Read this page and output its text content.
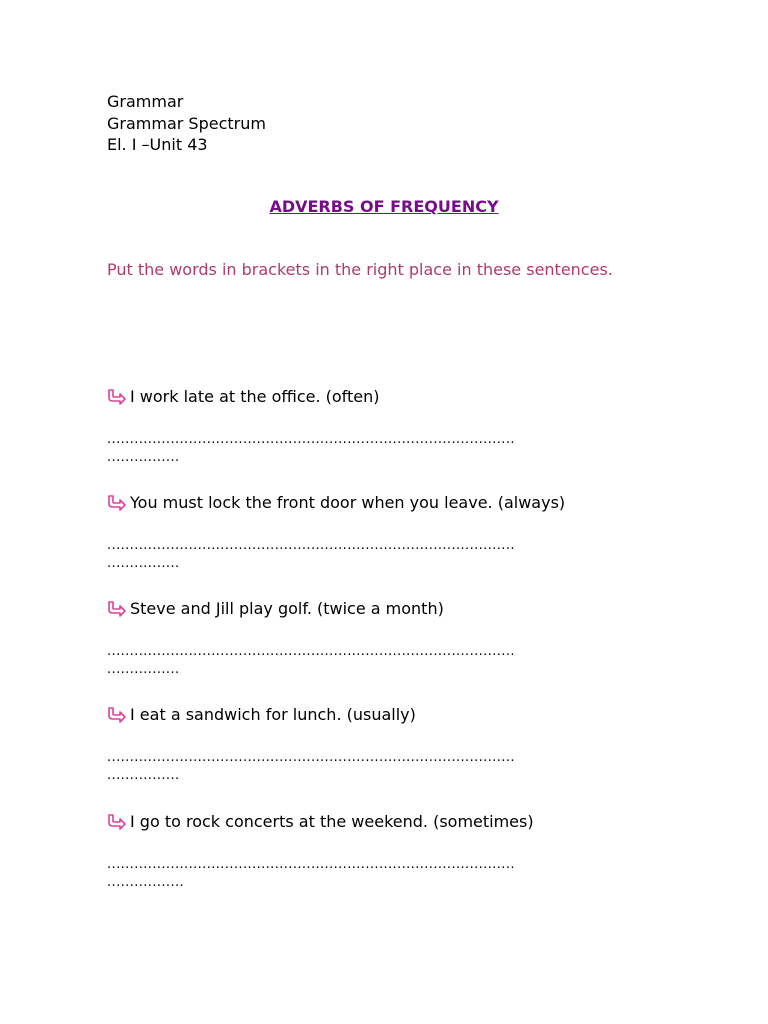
Grammar
Grammar Spectrum
El. I –Unit 43
ADVERBS OF FREQUENCY
Put the words in brackets in the right place in these sentences.
I work late at the office. (often)
..........................................................................................
................
You must lock the front door when you leave. (always)
..........................................................................................
................
Steve and Jill play golf. (twice a month)
..........................................................................................
................
I eat a sandwich for lunch. (usually)
..........................................................................................
................
I go to rock concerts at the weekend. (sometimes)
..........................................................................................
.................
